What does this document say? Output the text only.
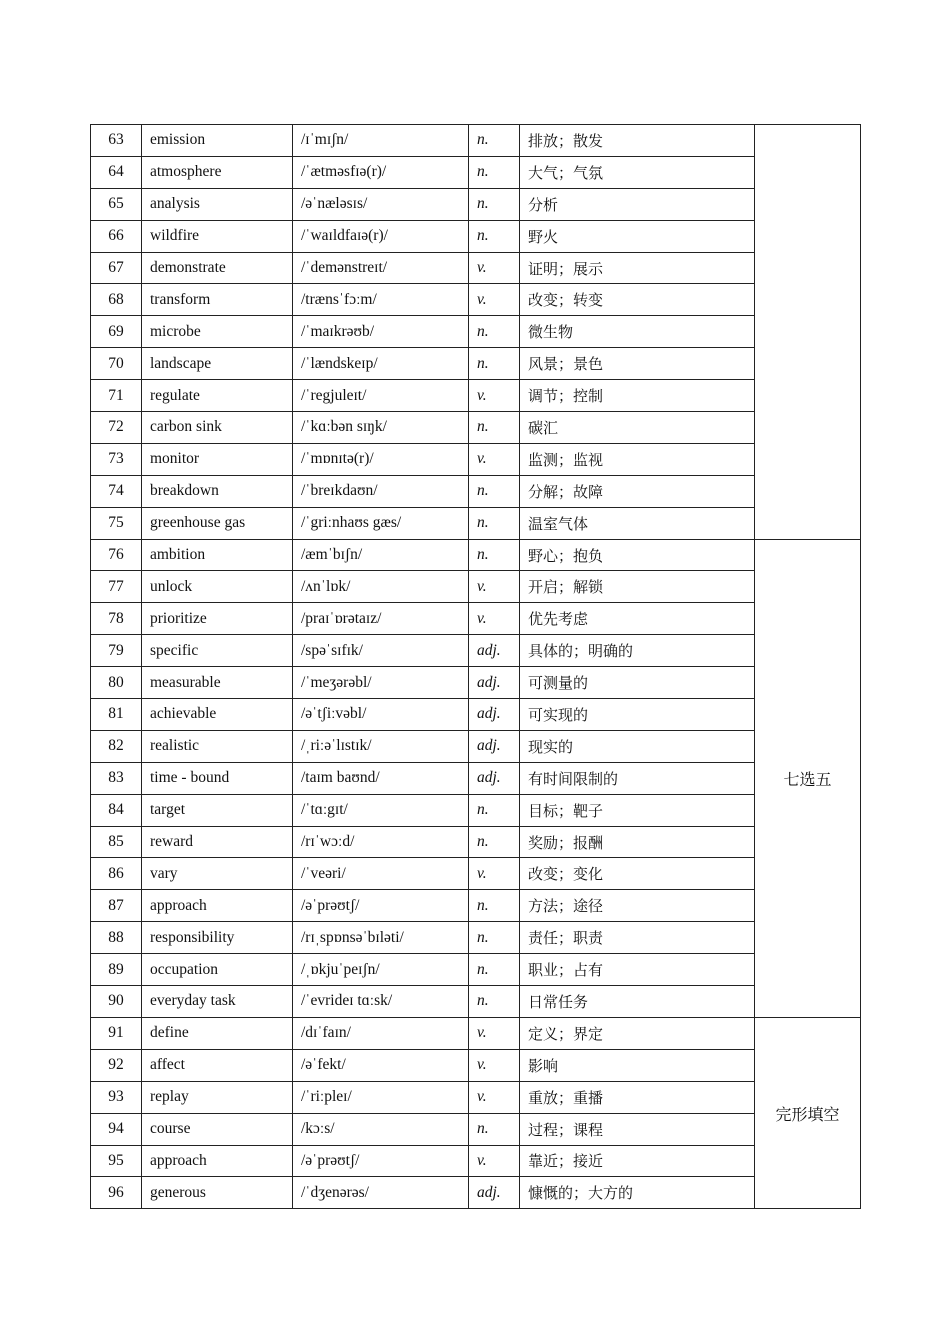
63	emission	/ɪˈmɪʃn/	n.	排放；散发	
64	atmosphere	/ˈætməsfɪə(r)/	n.	大气；气氛	
65	analysis	/əˈnæləsɪs/	n.	分析	
66	wildfire	/ˈwaɪldfaɪə(r)/	n.	野火	
67	demonstrate	/ˈdemənstreɪt/	v.	证明；展示	
68	transform	/trænsˈfɔːm/	v.	改变；转变	
69	microbe	/ˈmaɪkrəʊb/	n.	微生物	
70	landscape	/ˈlændskeɪp/	n.	风景；景色	
71	regulate	/ˈregjuleɪt/	v.	调节；控制	
72	carbon sink	/ˈkɑːbən sɪŋk/	n.	碳汇	
73	monitor	/ˈmɒnɪtə(r)/	v.	监测；监视	
74	breakdown	/ˈbreɪkdaʊn/	n.	分解；故障	
75	greenhouse gas	/ˈgriːnhaʊs gæs/	n.	温室气体	
76	ambition	/æmˈbɪʃn/	n.	野心；抱负	七选五
77	unlock	/ʌnˈlɒk/	v.	开启；解锁	
78	prioritize	/praɪˈɒrətaɪz/	v.	优先考虑	
79	specific	/spəˈsɪfɪk/	adj.	具体的；明确的	
80	measurable	/ˈmeʒərəbl/	adj.	可测量的	
81	achievable	/əˈtʃiːvəbl/	adj.	可实现的	
82	realistic	/ˌriːəˈlɪstɪk/	adj.	现实的	
83	time - bound	/taɪm baʊnd/	adj.	有时间限制的	
84	target	/ˈtɑːgɪt/	n.	目标；靶子	
85	reward	/rɪˈwɔːd/	n.	奖励；报酬	
86	vary	/ˈveəri/	v.	改变；变化	
87	approach	/əˈprəʊtʃ/	n.	方法；途径	
88	responsibility	/rɪˌspɒnsəˈbɪləti/	n.	责任；职责	
89	occupation	/ˌɒkjuˈpeɪʃn/	n.	职业；占有	
90	everyday task	/ˈevrideɪ tɑːsk/	n.	日常任务	
91	define	/dɪˈfaɪn/	v.	定义；界定	完形填空
92	affect	/əˈfekt/	v.	影响	
93	replay	/ˈriːpleɪ/	v.	重放；重播	
94	course	/kɔːs/	n.	过程；课程	
95	approach	/əˈprəʊtʃ/	v.	靠近；接近	
96	generous	/ˈdʒenərəs/	adj.	慷慨的；大方的	
